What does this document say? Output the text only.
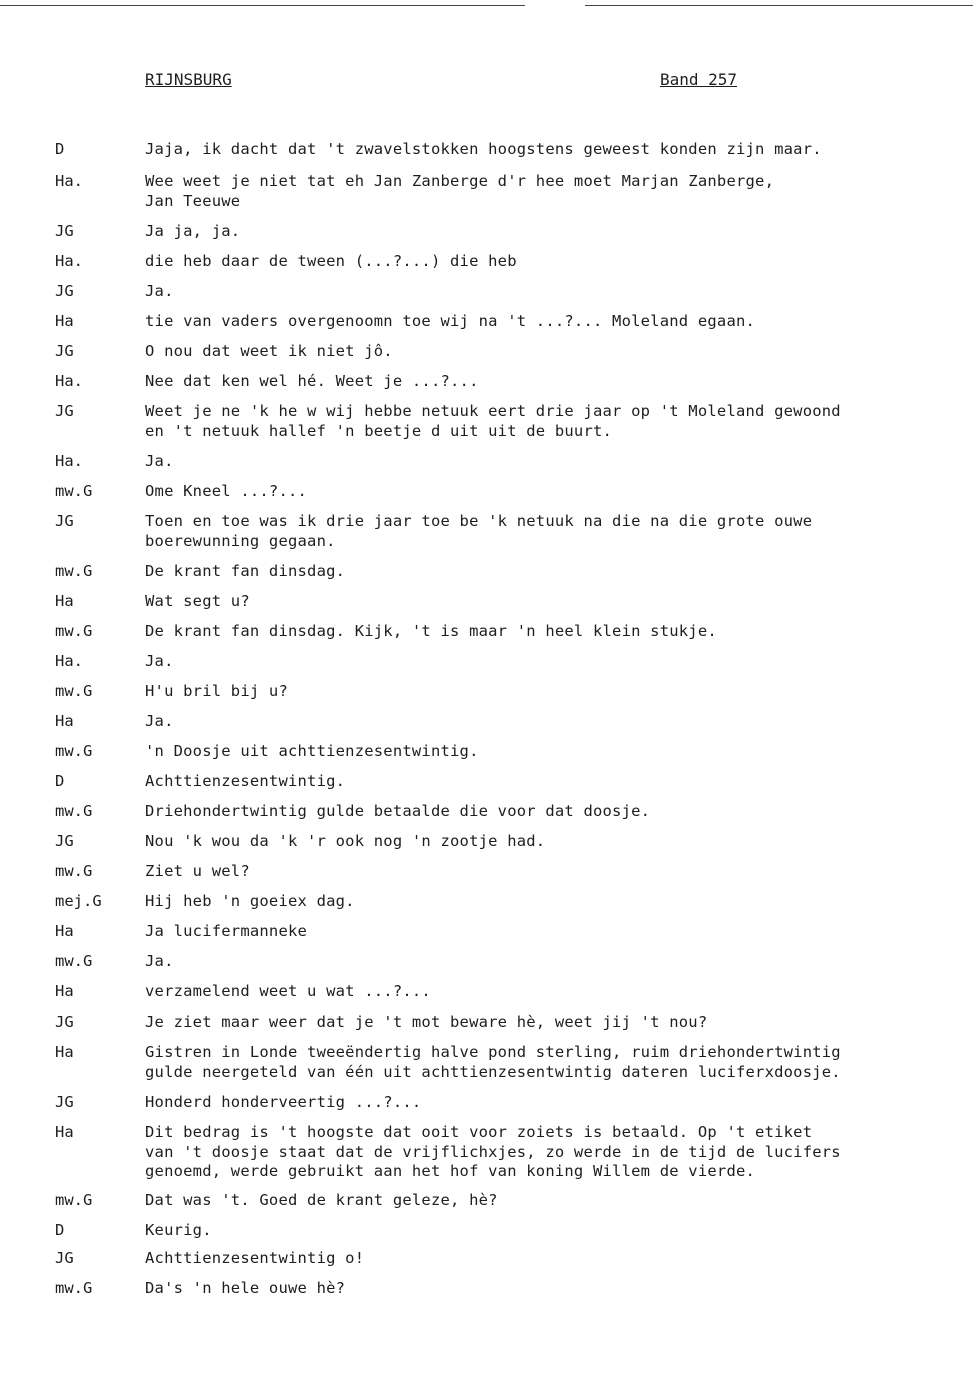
RIJNSBURG	Band 257
D	Jaja, ik dacht dat 't zwavelstokken hoogstens geweest konden zijn maar.
Ha.	Wee weet je niet tat eh Jan Zanberge d'r hee moet Marjan Zanberge,
Jan Teeuwe
JG	Ja ja, ja.
Ha.	die heb daar de tween (...?...) die heb
JG	Ja.
Ha	tie van vaders overgenoomn toe wij na 't ...?... Moleland egaan.
JG	O nou dat weet ik niet jô.
Ha.	Nee dat ken wel hé. Weet je ...?...
JG	Weet je ne 'k he w wij hebbe netuuk eert drie jaar op 't Moleland gewoond
en 't netuuk hallef 'n beetje d uit uit de buurt.
Ha.	Ja.
mw.G	Ome Kneel ...?...
JG	Toen en toe was ik drie jaar toe be 'k netuuk na die na die grote ouwe
boerewunning gegaan.
mw.G	De krant fan dinsdag.
Ha	Wat segt u?
mw.G	De krant fan dinsdag. Kijk, 't is maar 'n heel klein stukje.
Ha.	Ja.
mw.G	H'u bril bij u?
Ha	Ja.
mw.G	'n Doosje uit achttienzesentwintig.
D	Achttienzesentwintig.
mw.G	Driehondertwintig gulde betaalde die voor dat doosje.
JG	Nou 'k wou da 'k 'r ook nog 'n zootje had.
mw.G	Ziet u wel?
mej.G	Hij heb 'n goeiex dag.
Ha	Ja lucifermanneke
mw.G	Ja.
Ha	verzamelend weet u wat ...?...
JG	Je ziet maar weer dat je 't mot beware hè, weet jij 't nou?
Ha	Gistren in Londe tweeëndertig halve pond sterling, ruim driehondertwintig
gulde neergeteld van één uit achttienzesentwintig dateren luciferxdoosje.
JG	Honderd honderveertig ...?...
Ha	Dit bedrag is 't hoogste dat ooit voor zoiets is betaald. Op 't etiket
van 't doosje staat dat de vrijflichxjes, zo werde in de tijd de lucifers
genoemd, werde gebruikt aan het hof van koning Willem de vierde.
mw.G	Dat was 't. Goed de krant geleze, hè?
D	Keurig.
JG	Achttienzesentwintig o!
mw.G	Da's 'n hele ouwe hè?
